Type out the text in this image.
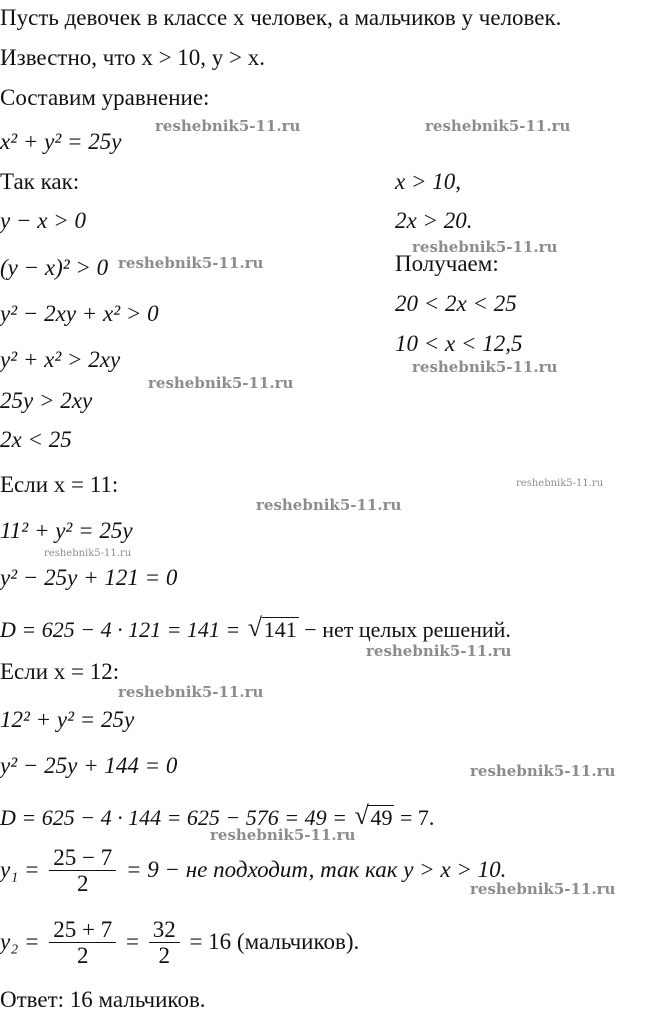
Пусть девочек в классе x человек, а мальчиков y человек.
Известно, что x > 10, y > x.
Составим уравнение:
x² + y² = 25y
Так как:
y − x > 0
(y − x)² > 0
y² − 2xy + x² > 0
y² + x² > 2xy
25y > 2xy
2x < 25
Если x = 11:
11² + y² = 25y
y² − 25y + 121 = 0
D = 625 − 4 · 121 = 141 = √ 141 − нет целых решений.
Если x = 12:
12² + y² = 25y
y² − 25y + 144 = 0
D = 625 − 4 · 144 = 625 − 576 = 49 = √ 49 = 7.
$y_1 = \frac{25 - 7}{2} = 9$ − не подходит, так как y > x > 10.
$y_2 = \frac{25 + 7}{2} = \frac{32}{2} = 16$ (мальчиков).
Ответ: 16 мальчиков.
x > 10,
2x > 20.
Получаем:
20 < 2x < 25
10 < x < 12,5
reshebnik5-11.ru	reshebnik5-11.ru
reshebnik5-11.ru
reshebnik5-11.ru
reshebnik5-11.ru
reshebnik5-11.ru
reshebnik5-11.ru
reshebnik5-11.ru
reshebnik5-11.ru
reshebnik5-11.ru
reshebnik5-11.ru
reshebnik5-11.ru
reshebnik5-11.ru
reshebnik5-11.ru
